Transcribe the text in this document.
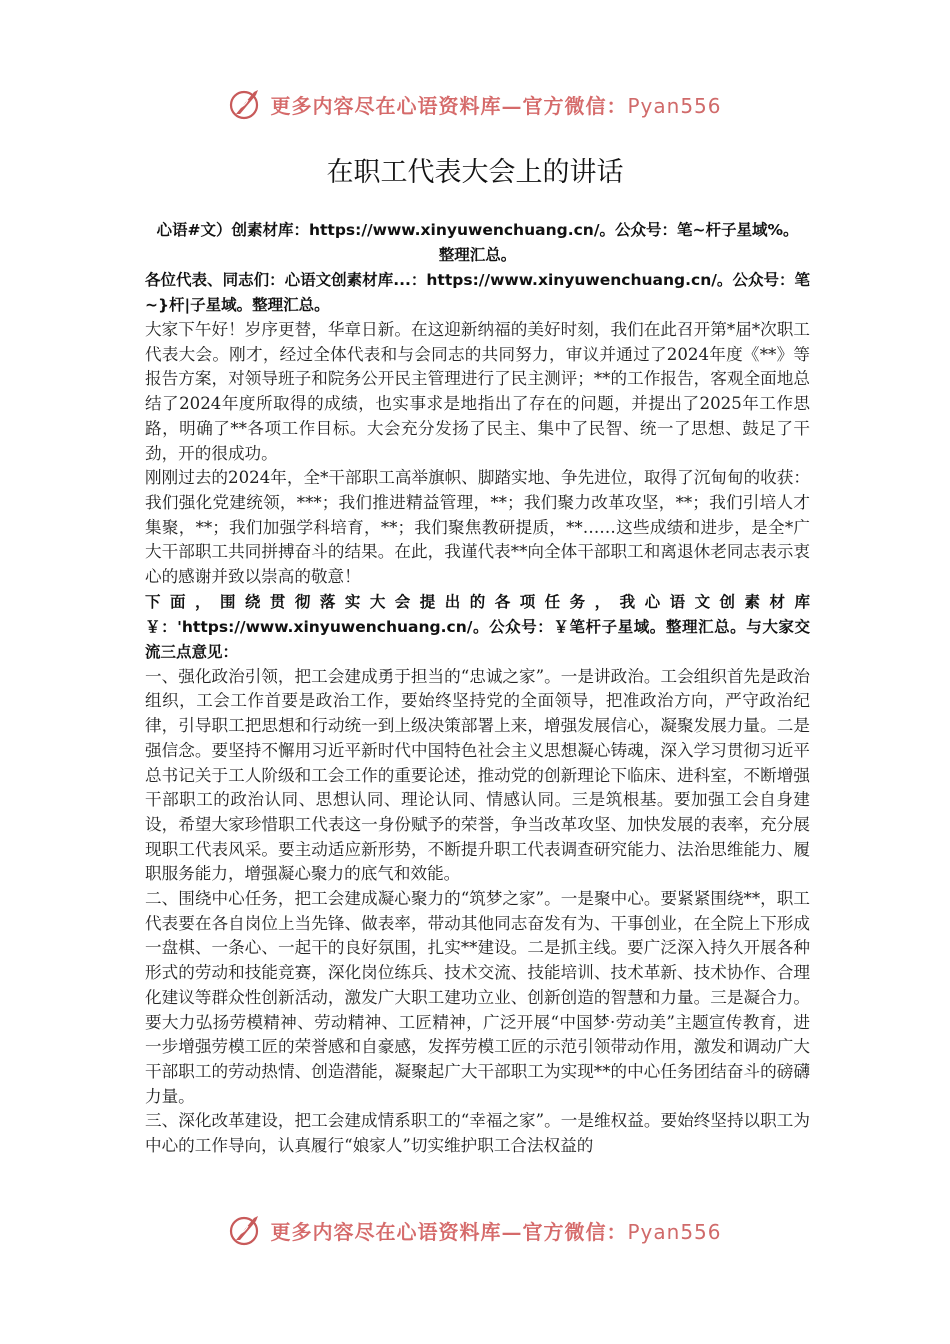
更多内容尽在心语资料库—官方微信：Pyan556
在职工代表大会上的讲话

心语#文）创素材库：https://www.xinyuwenchuang.cn/。公众号：笔~杆子星域%。

整理汇总。

各位代表、同志们：心语文创素材库...：https://www.xinyuwenchuang.cn/。公众号：笔~}杆|子星域。整理汇总。

大家下午好！岁序更替，华章日新。在这迎新纳福的美好时刻，我们在此召开第*届*次职工代表大会。刚才，经过全体代表和与会同志的共同努力，审议并通过了2024年度《**》等报告方案，对领导班子和院务公开民主管理进行了民主测评；**的工作报告，客观全面地总结了2024年度所取得的成绩，也实事求是地指出了存在的问题，并提出了2025年工作思路，明确了**各项工作目标。大会充分发扬了民主、集中了民智、统一了思想、鼓足了干劲，开的很成功。

刚刚过去的2024年，全*干部职工高举旗帜、脚踏实地、争先进位，取得了沉甸甸的收获：我们强化党建统领，***；我们推进精益管理，**；我们聚力改革攻坚，**；我们引培人才集聚，**；我们加强学科培育，**；我们聚焦教研提质，**……这些成绩和进步，是全*广大干部职工共同拼搏奋斗的结果。在此，我谨代表**向全体干部职工和离退休老同志表示衷心的感谢并致以崇高的敬意！

下面，围绕贯彻落实大会提出的各项任务，我心语文创素材库￥：'https://www.xinyuwenchuang.cn/。公众号：￥笔杆子星域。整理汇总。与大家交流三点意见：

一、强化政治引领，把工会建成勇于担当的“忠诚之家”。一是讲政治。工会组织首先是政治组织，工会工作首要是政治工作，要始终坚持党的全面领导，把准政治方向，严守政治纪律，引导职工把思想和行动统一到上级决策部署上来，增强发展信心，凝聚发展力量。二是强信念。要坚持不懈用习近平新时代中国特色社会主义思想凝心铸魂，深入学习贯彻习近平总书记关于工人阶级和工会工作的重要论述，推动党的创新理论下临床、进科室，不断增强干部职工的政治认同、思想认同、理论认同、情感认同。三是筑根基。要加强工会自身建设，希望大家珍惜职工代表这一身份赋予的荣誉，争当改革攻坚、加快发展的表率，充分展现职工代表风采。要主动适应新形势，不断提升职工代表调查研究能力、法治思维能力、履职服务能力，增强凝心聚力的底气和效能。

二、围绕中心任务，把工会建成凝心聚力的“筑梦之家”。一是聚中心。要紧紧围绕**，职工代表要在各自岗位上当先锋、做表率，带动其他同志奋发有为、干事创业，在全院上下形成一盘棋、一条心、一起干的良好氛围，扎实**建设。二是抓主线。要广泛深入持久开展各种形式的劳动和技能竞赛，深化岗位练兵、技术交流、技能培训、技术革新、技术协作、合理化建议等群众性创新活动，激发广大职工建功立业、创新创造的智慧和力量。三是凝合力。要大力弘扬劳模精神、劳动精神、工匠精神，广泛开展“中国梦·劳动美”主题宣传教育，进一步增强劳模工匠的荣誉感和自豪感，发挥劳模工匠的示范引领带动作用，激发和调动广大干部职工的劳动热情、创造潜能，凝聚起广大干部职工为实现**的中心任务团结奋斗的磅礴力量。

三、深化改革建设，把工会建成情系职工的“幸福之家”。一是维权益。要始终坚持以职工为中心的工作导向，认真履行“娘家人”切实维护职工合法权益的

更多内容尽在心语资料库—官方微信：Pyan556
